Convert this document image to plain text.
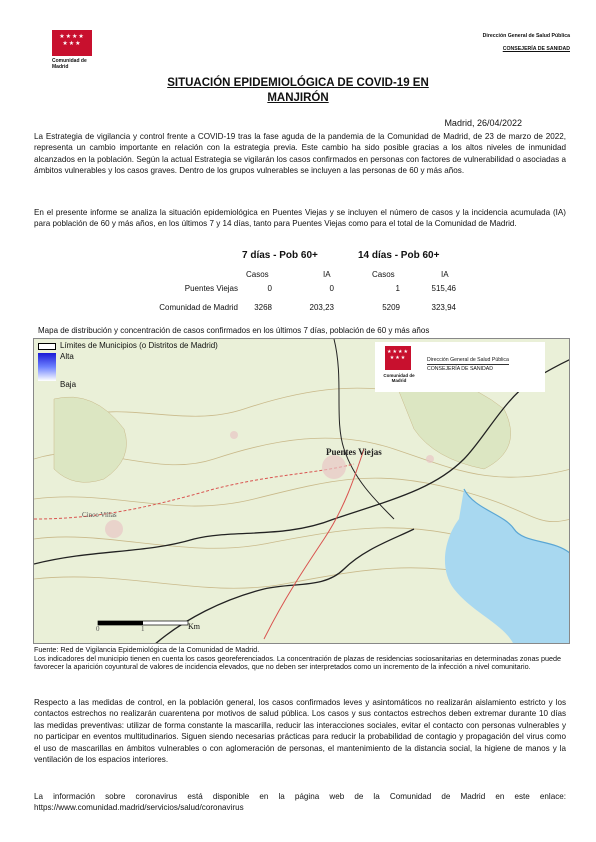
★★★★
★★★
Comunidad de Madrid
Dirección General de Salud Pública
CONSEJERÍA DE SANIDAD
SITUACIÓN EPIDEMIOLÓGICA DE COVID-19 EN
MANJIRÓN
Madrid, 26/04/2022

La Estrategia de vigilancia y control frente a COVID-19 tras la fase aguda de la pandemia de la Comunidad de Madrid, de 23 de marzo de 2022, representa un cambio importante en relación con la estrategia previa. Este cambio ha sido posible gracias a los altos niveles de inmunidad alcanzados en la población. Según la actual Estrategia se vigilarán los casos confirmados en personas con factores de vulnerabilidad o asociadas a ámbitos vulnerables y los casos graves. Dentro de los grupos vulnerables se incluyen a las personas de 60 y más años.

En el presente informe se analiza la situación epidemiológica en Puentes Viejas y se incluyen el número de casos y la incidencia acumulada (IA) para población de 60 y más años, en los últimos 7 y 14 días, tanto para Puentes Viejas como para el total de la Comunidad de Madrid.

7 días - Pob 60+	14 días - Pob 60+
Casos	IA	Casos	IA
Puentes Viejas	0	0	1	515,46
Comunidad de Madrid 3268	203,23	5209	323,94
Mapa de distribución y concentración de casos confirmados en los últimos 7 días, población de 60 y más años
Límites de Municipios (o Distritos de Madrid)
Alta
Baja
★★★★
★★★
Comunidad de Madrid
Dirección General de Salud Pública
CONSEJERÍA DE SANIDAD
Puentes Viejas
Cinco Villas
0	1	Km
Fuente: Red de Vigilancia Epidemiológica de la Comunidad de Madrid.
Los indicadores del municipio tienen en cuenta los casos georeferenciados. La concentración de plazas de residencias sociosanitarias en determinadas zonas puede favorecer la aparición coyuntural de valores de incidencia elevados, que no deben ser interpretados como un incremento de la infección a nivel comunitario.

Respecto a las medidas de control, en la población general, los casos confirmados leves y asintomáticos no realizarán aislamiento estricto y los contactos estrechos no realizarán cuarentena por motivos de salud pública. Los casos y sus contactos estrechos deben extremar durante 10 días las medidas preventivas: utilizar de forma constante la mascarilla, reducir las interacciones sociales, evitar el contacto con personas vulnerables y no participar en eventos multitudinarios. Siguen siendo necesarias prácticas para reducir la probabilidad de contagio y propagación del virus como el uso de mascarillas en ámbitos vulnerables o con aglomeración de personas, el mantenimiento de la distancia social, la higiene de manos y la ventilación de los espacios interiores.

La información sobre coronavirus está disponible en la página web de la Comunidad de Madrid en este enlace: https://www.comunidad.madrid/servicios/salud/coronavirus
